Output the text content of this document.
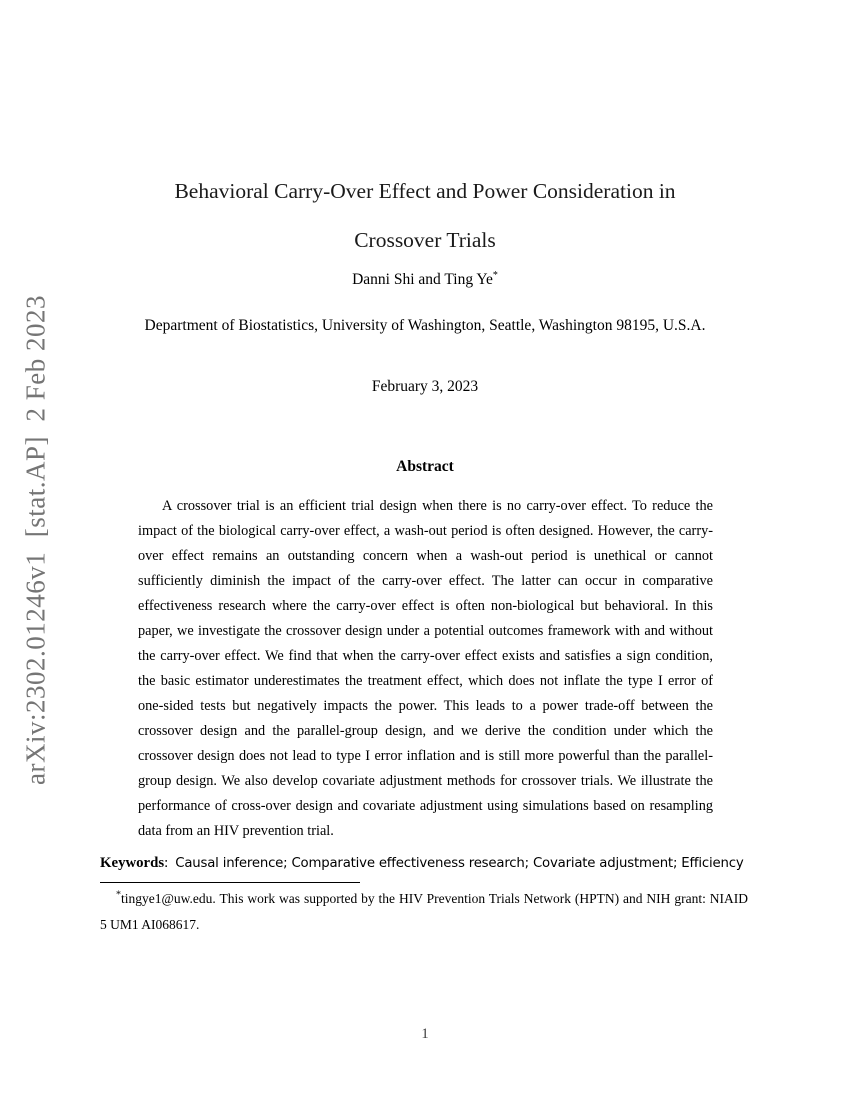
arXiv:2302.01246v1  [stat.AP]  2 Feb 2023
Behavioral Carry-Over Effect and Power Consideration in
Crossover Trials
Danni Shi and Ting Ye*
Department of Biostatistics, University of Washington, Seattle, Washington 98195, U.S.A.
February 3, 2023
Abstract

A crossover trial is an efficient trial design when there is no carry-over effect. To reduce the impact of the biological carry-over effect, a wash-out period is often designed. However, the carry-over effect remains an outstanding concern when a wash-out period is unethical or cannot sufficiently diminish the impact of the carry-over effect. The latter can occur in comparative effectiveness research where the carry-over effect is often non-biological but behavioral. In this paper, we investigate the crossover design under a potential outcomes framework with and without the carry-over effect. We find that when the carry-over effect exists and satisfies a sign condition, the basic estimator underestimates the treatment effect, which does not inflate the type I error of one-sided tests but negatively impacts the power. This leads to a power trade-off between the crossover design and the parallel-group design, and we derive the condition under which the crossover design does not lead to type I error inflation and is still more powerful than the parallel-group design. We also develop covariate adjustment methods for crossover trials. We illustrate the performance of cross-over design and covariate adjustment using simulations based on resampling data from an HIV prevention trial.

Keywords: Causal inference; Comparative effectiveness research; Covariate adjustment; Efficiency

*tingye1@uw.edu. This work was supported by the HIV Prevention Trials Network (HPTN) and NIH grant: NIAID 5 UM1 AI068617.

1
